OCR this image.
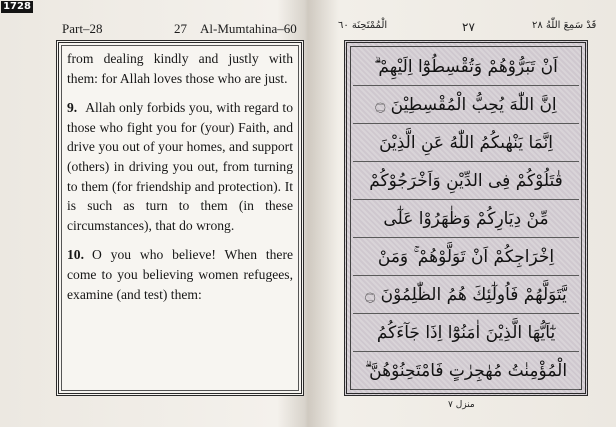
1728
Part–28	27 Al-Mumtahina–60

from dealing kindly and justly with them: for Allah loves those who are just.

9. Allah only forbids you, with regard to those who fight you for (your) Faith, and drive you out of your homes, and support (others) in driving you out, from turning to them (for friendship and protection). It is such as turn to them (in these circumstances), that do wrong.

10. O you who believe! When there come to you believing women refugees, examine (and test) them:

الْمُمْتَحِنَة ٦٠	٢٧	قَدْ سَمِعَ اللّٰهُ ٢٨
اَنْ تَبَرُّوْهُمْ وَتُقْسِطُوْٓا اِلَيْهِمْ ۗ
اِنَّ اللّٰهَ يُحِبُّ الْمُقْسِطِيْنَ ۝
اِنَّمَا يَنْهٰىكُمُ اللّٰهُ عَنِ الَّذِيْنَ
قٰتَلُوْكُمْ فِى الدِّيْنِ وَاَخْرَجُوْكُمْ
مِّنْ دِيَارِكُمْ وَظٰهَرُوْا عَلٰٓى
اِخْرَاجِكُمْ اَنْ تَوَلَّوْهُمْ ۚ وَمَنْ
يَّتَوَلَّهُمْ فَاُولٰٓئِكَ هُمُ الظّٰلِمُوْنَ ۝
يٰٓاَيُّهَا الَّذِيْنَ اٰمَنُوْٓا اِذَا جَآءَكُمُ
الْمُؤْمِنٰتُ مُهٰجِرٰتٍ فَامْتَحِنُوْهُنَّ ۗ
منزل ٧
